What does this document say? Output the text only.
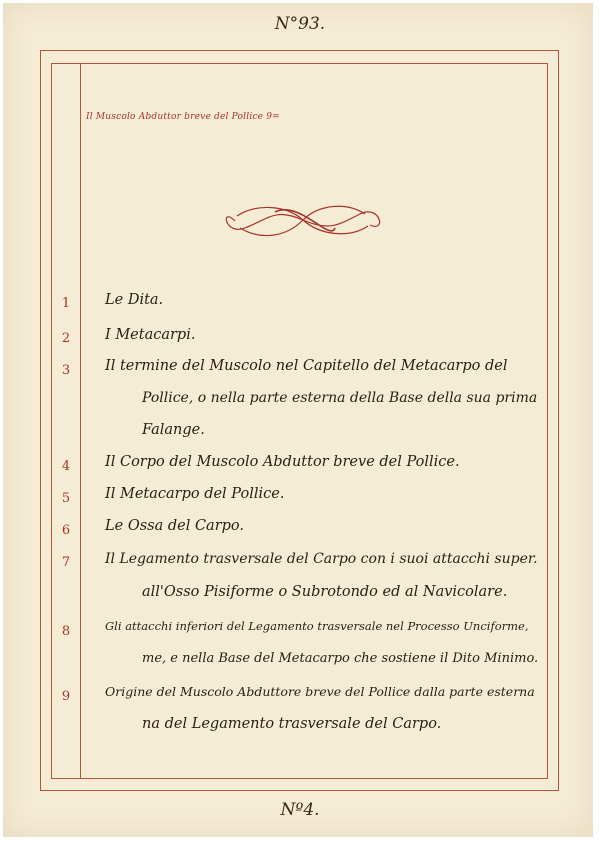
N°93.
Il Muscolo Abduttor breve del Pollice 9=
1 Le Dita.
2 I Metacarpi.
3 Il termine del Muscolo nel Capitello del Metacarpo del
Pollice, o nella parte esterna della Base della sua prima
Falange.
4 Il Corpo del Muscolo Abduttor breve del Pollice.
5 Il Metacarpo del Pollice.
6 Le Ossa del Carpo.
7 Il Legamento trasversale del Carpo con i suoi attacchi super.
all'Osso Pisiforme o Subrotondo ed al Navicolare.
8	Gli attacchi inferiori del Legamento trasversale nel Processo Unciforme,
me, e nella Base del Metacarpo che sostiene il Dito Minimo.
9	Origine del Muscolo Abduttore breve del Pollice dalla parte esterna
na del Legamento trasversale del Carpo.
Nº4.
